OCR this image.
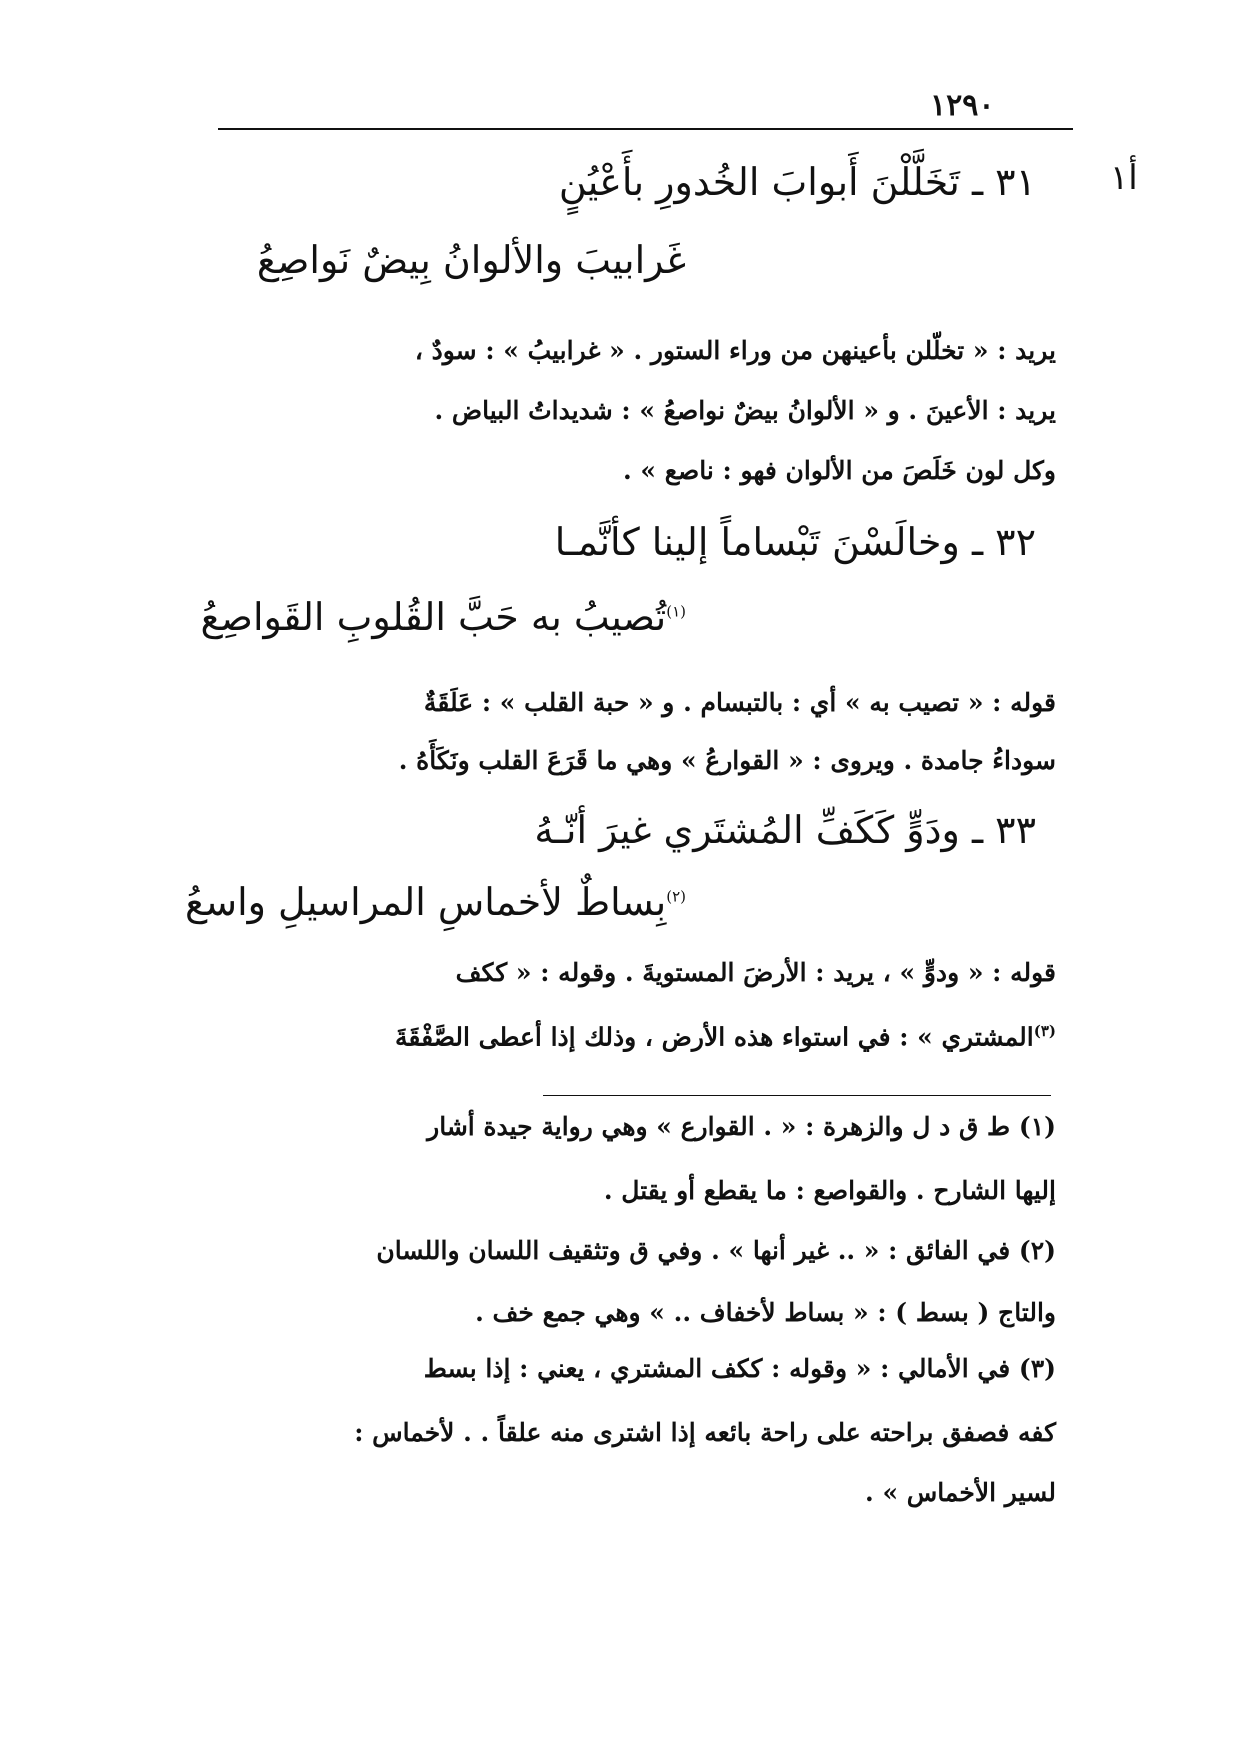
١٢٩٠
أ١
٣١ ـ تَخَلَّلْنَ أَبوابَ الخُدورِ بأَعْيُنٍ
غَرابيبَ والألوانُ بِيضٌ نَواصِعُ
يريد : « تخلّلن بأعينهن من وراء الستور . « غرابيبُ » : سودٌ ،
يريد : الأعينَ . و « الألوانُ بيضٌ نواصعُ » : شديداتُ البياض .
وكل لون خَلَصَ من الألوان فهو : ناصع » .
٣٢ ـ وخالَسْنَ تَبْساماً إلينا كأنَّمـا
$^{(١)}$تُصيبُ به حَبَّ القُلوبِ القَواصِعُ
قوله : « تصيب به » أي : بالتبسام . و « حبة القلب » : عَلَقَةٌ
سوداءُ جامدة . ويروى : « القوارعُ » وهي ما قَرَعَ القلب ونَكَأَهُ .
٣٣ ـ ودَوٍّ كَكَفِّ المُشتَري غيرَ أنّـهُ
$^{(٢)}$بِساطٌ لأخماسِ المراسيلِ واسعُ
قوله : « ودوٍّ » ، يريد : الأرضَ المستويةَ . وقوله : « ككف
$^{(٣)}$المشتري » : في استواء هذه الأرض ، وذلك إذا أعطى الصَّفْقَةَ
(١) ط ق د ل والزهرة : « . القوارع » وهي رواية جيدة أشار
إليها الشارح . والقواصع : ما يقطع أو يقتل .
(٢) في الفائق : « .. غير أنها » . وفي ق وتثقيف اللسان واللسان
والتاج ( بسط ) : « بساط لأخفاف .. » وهي جمع خف .
(٣) في الأمالي : « وقوله : ككف المشتري ، يعني : إذا بسط
كفه فصفق براحته على راحة بائعه إذا اشترى منه علقاً . . لأخماس :
لسير الأخماس » .
